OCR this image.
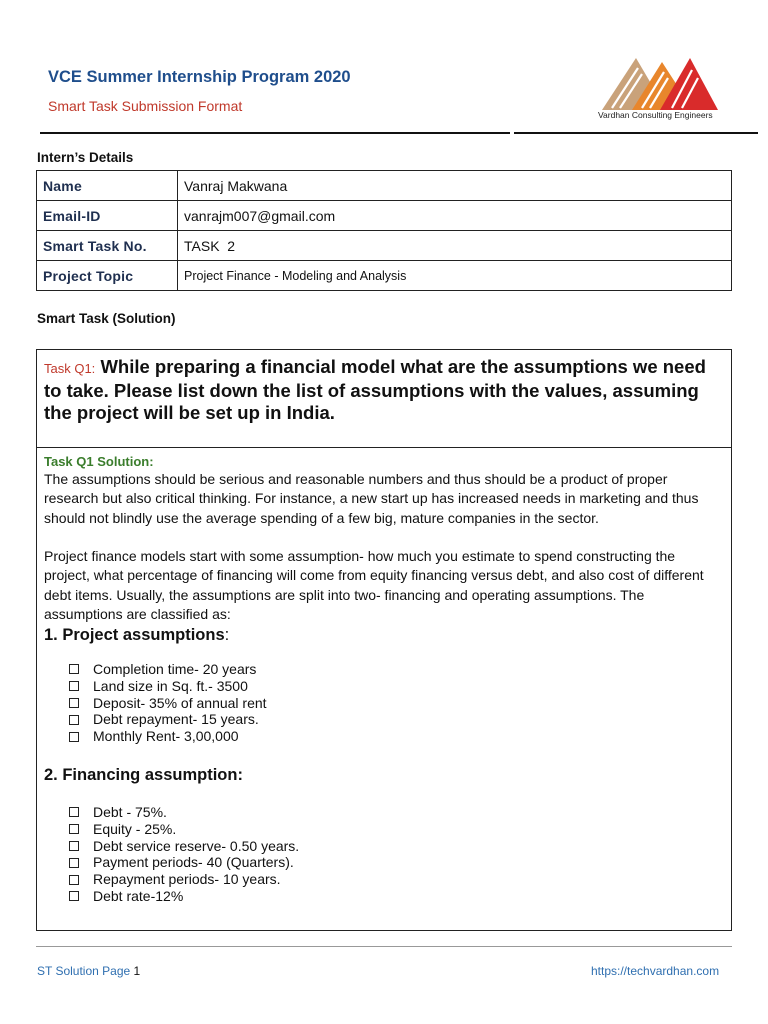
VCE Summer Internship Program 2020
Smart Task Submission Format
Vardhan Consulting Engineers
Intern’s Details
Name	Vanraj Makwana
Email-ID	vanrajm007@gmail.com
Smart Task No.	TASK  2
Project Topic	Project Finance - Modeling and Analysis
Smart Task (Solution)
Task Q1: While preparing a financial model what are the assumptions we need to take. Please list down the list of assumptions with the values, assuming the project will be set up in India.
Task Q1 Solution:
The assumptions should be serious and reasonable numbers and thus should be a product of proper research but also critical thinking. For instance, a new start up has increased needs in marketing and thus should not blindly use the average spending of a few big, mature companies in the sector.
Project finance models start with some assumption- how much you estimate to spend constructing the project, what percentage of financing will come from equity financing versus debt, and also cost of different debt items. Usually, the assumptions are split into two- financing and operating assumptions. The assumptions are classified as:
1. Project assumptions:
Completion time- 20 years
Land size in Sq. ft.- 3500
Deposit- 35% of annual rent
Debt repayment- 15 years.
Monthly Rent- 3,00,000
2. Financing assumption:
Debt - 75%.
Equity - 25%.
Debt service reserve- 0.50 years.
Payment periods- 40 (Quarters).
Repayment periods- 10 years.
Debt rate-12%
ST Solution Page 1	https://techvardhan.com
